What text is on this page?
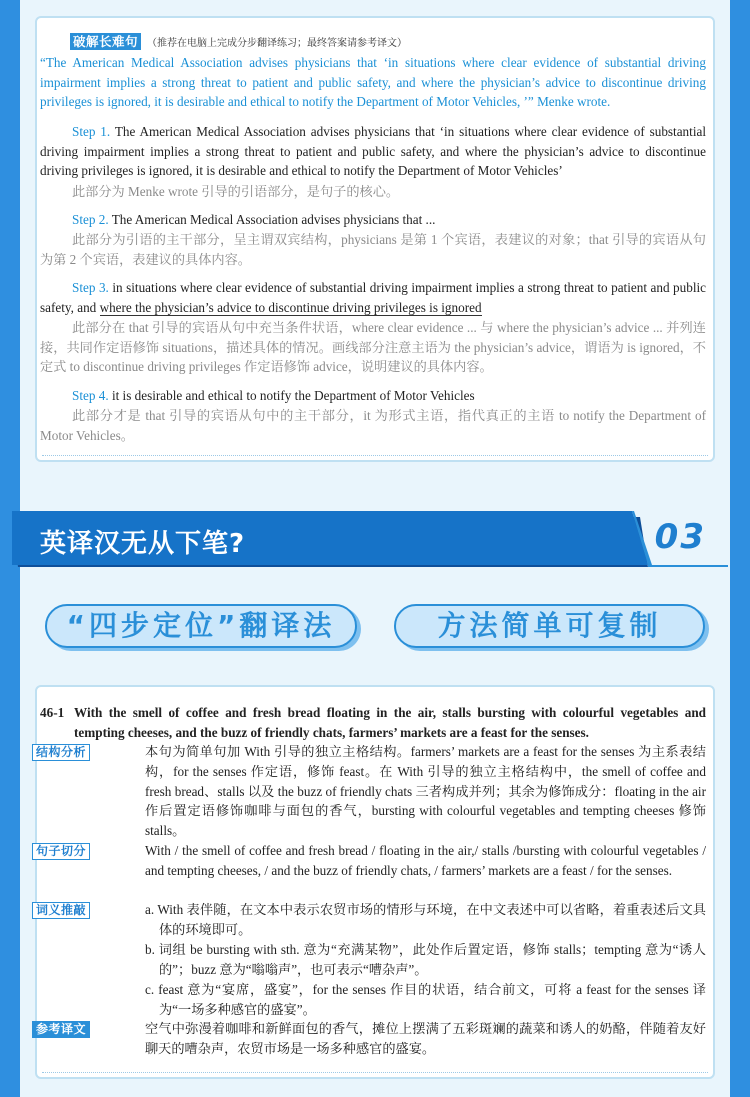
破解长难句 （推荐在电脑上完成分步翻译练习；最终答案请参考译文）
“The American Medical Association advises physicians that ‘in situations where clear evidence of substantial driving impairment implies a strong threat to patient and public safety, and where the physician’s advice to discontinue driving privileges is ignored, it is desirable and ethical to notify the Department of Motor Vehicles, ’” Menke wrote.
Step 1. The American Medical Association advises physicians that ‘in situations where clear evidence of substantial driving impairment implies a strong threat to patient and public safety, and where the physician’s advice to discontinue driving privileges is ignored, it is desirable and ethical to notify the Department of Motor Vehicles’
此部分为 Menke wrote 引导的引语部分，是句子的核心。
Step 2. The American Medical Association advises physicians that ...
此部分为引语的主干部分，呈主谓双宾结构，physicians 是第 1 个宾语，表建议的对象；that 引导的宾语从句为第 2 个宾语，表建议的具体内容。
Step 3. in situations where clear evidence of substantial driving impairment implies a strong threat to patient and public safety, and where the physician’s advice to discontinue driving privileges is ignored
此部分在 that 引导的宾语从句中充当条件状语，where clear evidence ... 与 where the physician’s advice ... 并列连接，共同作定语修饰 situations，描述具体的情况。画线部分注意主语为 the physician’s advice，谓语为 is ignored，不定式 to discontinue driving privileges 作定语修饰 advice，说明建议的具体内容。
Step 4. it is desirable and ethical to notify the Department of Motor Vehicles
此部分才是 that 引导的宾语从句中的主干部分，it 为形式主语，指代真正的主语 to notify the Department of Motor Vehicles。
英译汉无从下笔?	03
“四步定位”翻译法	方法简单可复制
46-1 With the smell of coffee and fresh bread floating in the air, stalls bursting with colourful vegetables and tempting cheeses, and the buzz of friendly chats, farmers’ markets are a feast for the senses.
结构分析	本句为简单句加 With 引导的独立主格结构。farmers’ markets are a feast for the senses 为主系表结构，for the senses 作定语，修饰 feast。在 With 引导的独立主格结构中，the smell of coffee and fresh bread、stalls 以及 the buzz of friendly chats 三者构成并列；其余为修饰成分：floating in the air 作后置定语修饰咖啡与面包的香气，bursting with colourful vegetables and tempting cheeses 修饰 stalls。
句子切分	With / the smell of coffee and fresh bread / floating in the air,/ stalls /bursting with colourful vegetables / and tempting cheeses, / and the buzz of friendly chats, / farmers’ markets are a feast / for the senses.
词义推敲	a. With 表伴随，在文本中表示农贸市场的情形与环境，在中文表述中可以省略，着重表述后文具体的环境即可。
b. 词组 be bursting with sth. 意为“充满某物”，此处作后置定语，修饰 stalls；tempting 意为“诱人的”；buzz 意为“嗡嗡声”，也可表示“嘈杂声”。
c. feast 意为“宴席，盛宴”，for the senses 作目的状语，结合前文，可将 a feast for the senses 译为“一场多种感官的盛宴”。
参考译文	空气中弥漫着咖啡和新鲜面包的香气，摊位上摆满了五彩斑斓的蔬菜和诱人的奶酪，伴随着友好聊天的嘈杂声，农贸市场是一场多种感官的盛宴。
